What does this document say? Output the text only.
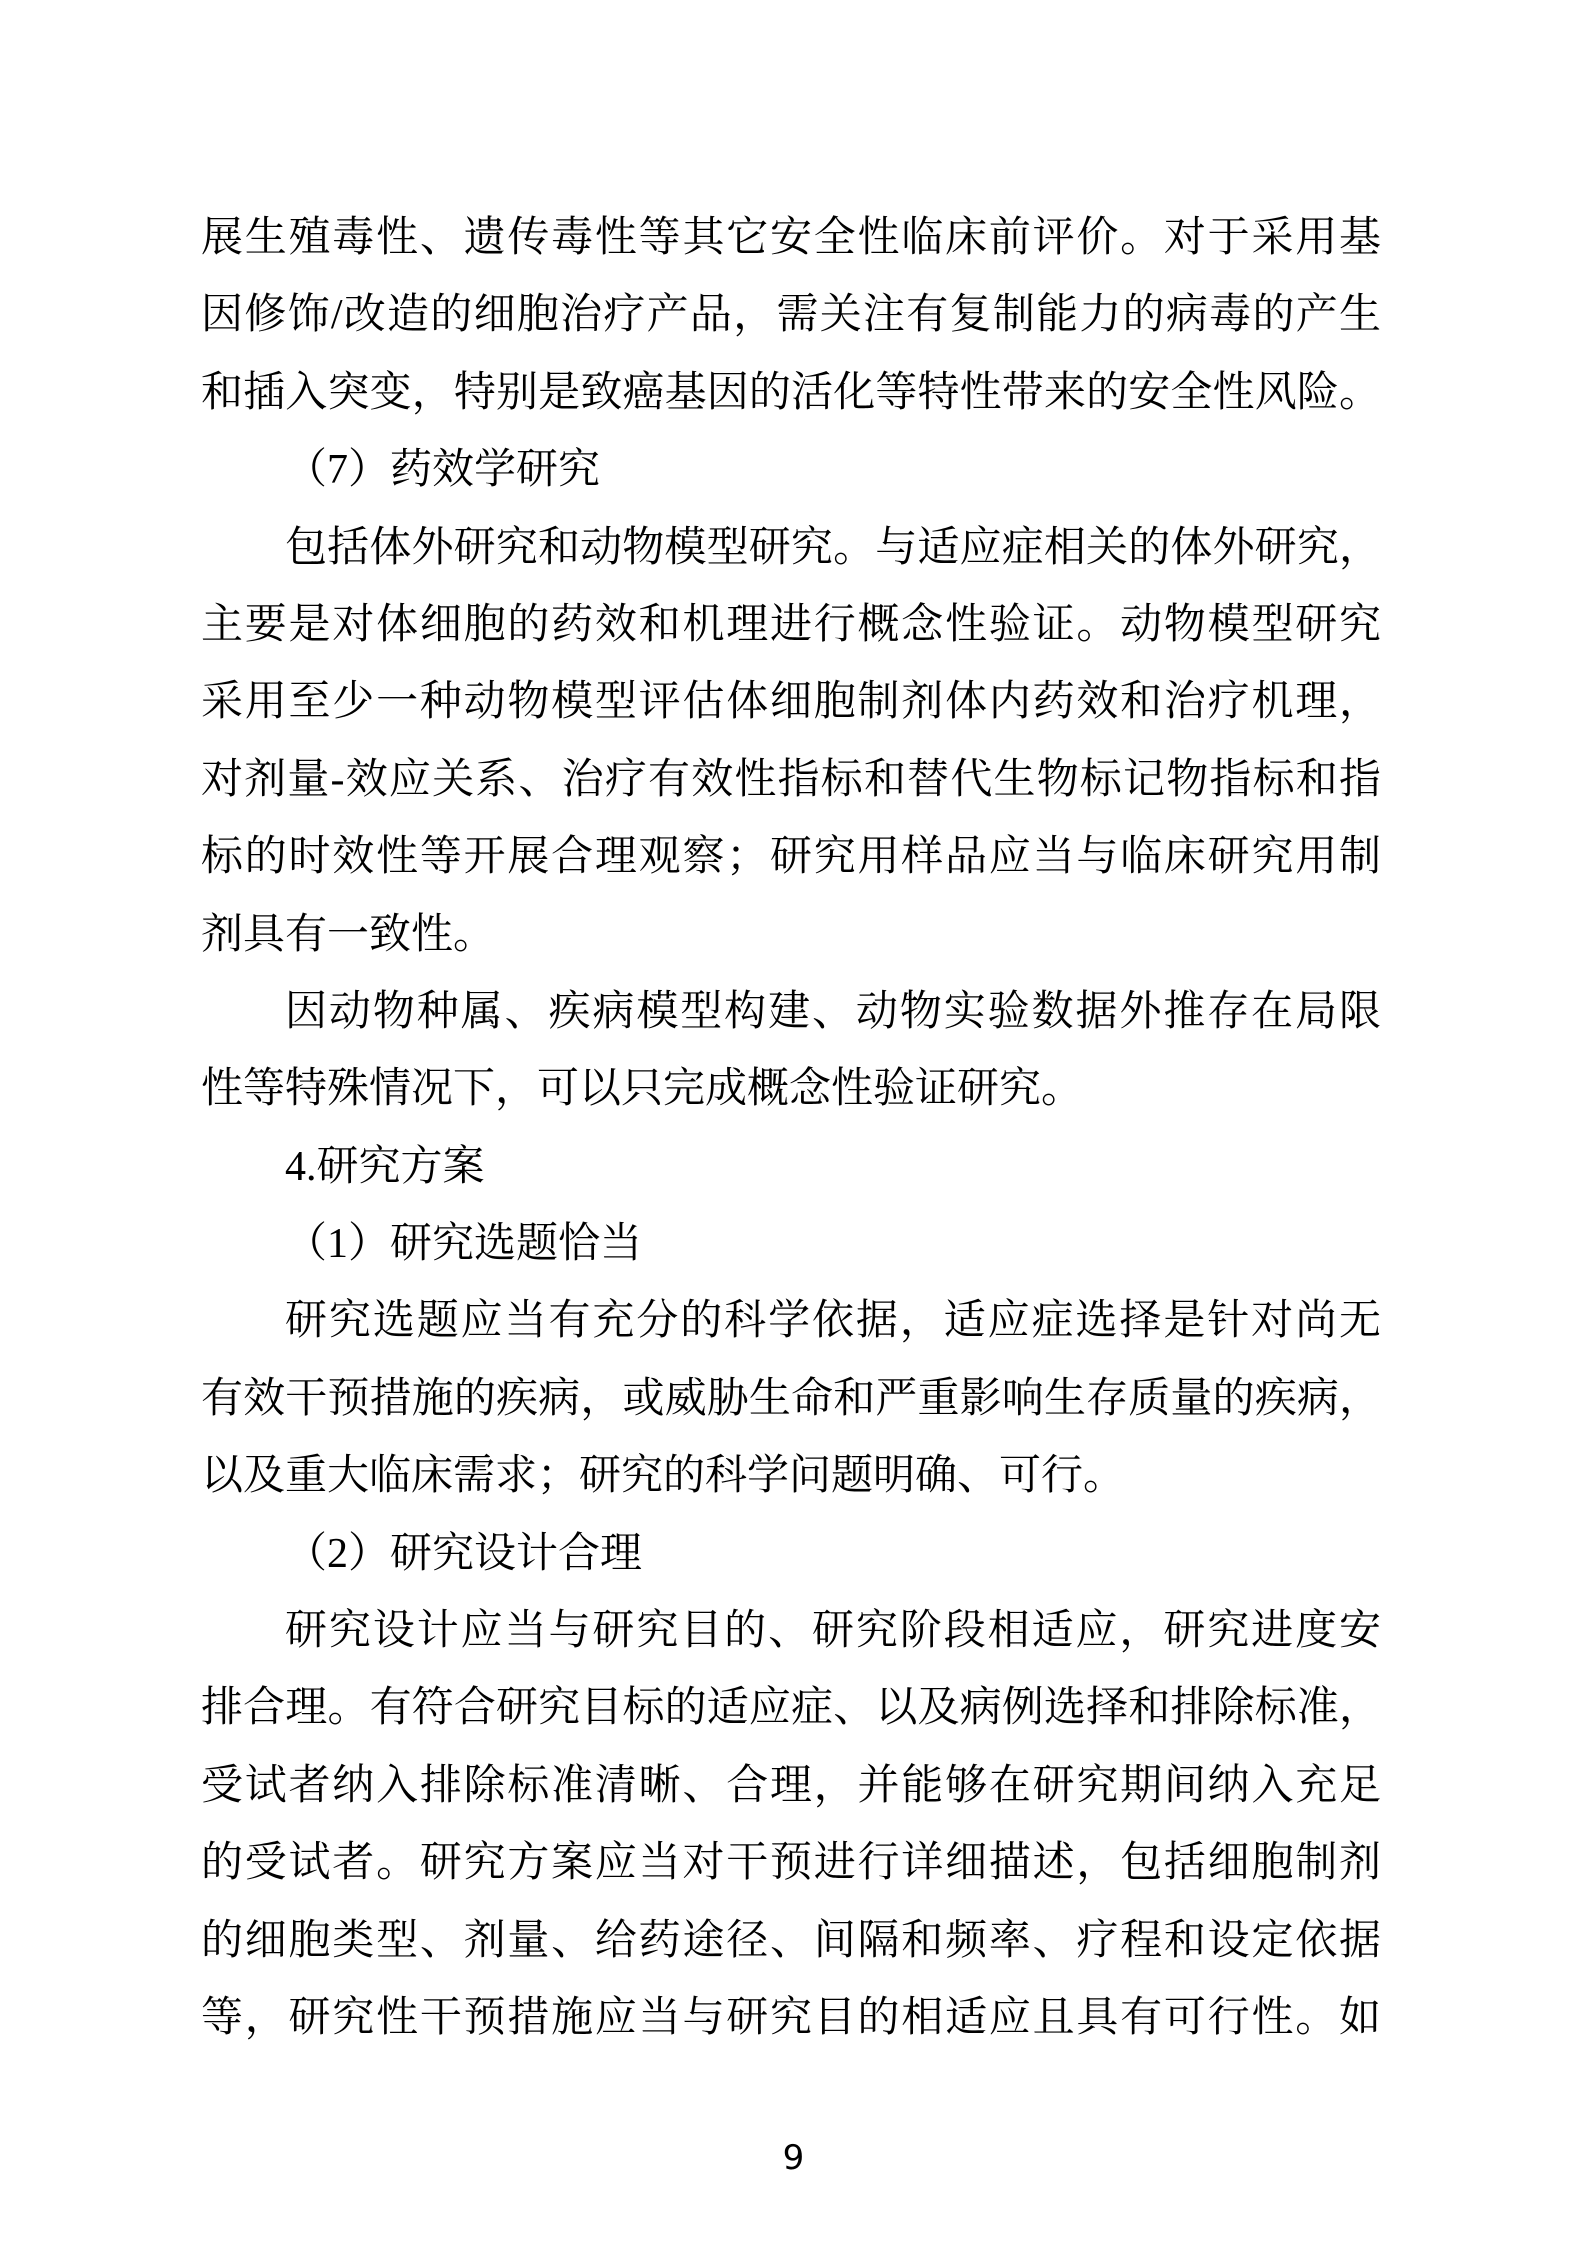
展生殖毒性、遗传毒性等其它安全性临床前评价。对于采用基
因修饰/改造的细胞治疗产品，需关注有复制能力的病毒的产生
和插入突变，特别是致癌基因的活化等特性带来的安全性风险。
（7）药效学研究
包括体外研究和动物模型研究。与适应症相关的体外研究，
主要是对体细胞的药效和机理进行概念性验证。动物模型研究
采用至少一种动物模型评估体细胞制剂体内药效和治疗机理，
对剂量-效应关系、治疗有效性指标和替代生物标记物指标和指
标的时效性等开展合理观察；研究用样品应当与临床研究用制
剂具有一致性。
因动物种属、疾病模型构建、动物实验数据外推存在局限
性等特殊情况下，可以只完成概念性验证研究。
4.研究方案
（1）研究选题恰当
研究选题应当有充分的科学依据，适应症选择是针对尚无
有效干预措施的疾病，或威胁生命和严重影响生存质量的疾病，
以及重大临床需求；研究的科学问题明确、可行。
（2）研究设计合理
研究设计应当与研究目的、研究阶段相适应，研究进度安
排合理。有符合研究目标的适应症、以及病例选择和排除标准，
受试者纳入排除标准清晰、合理，并能够在研究期间纳入充足
的受试者。研究方案应当对干预进行详细描述，包括细胞制剂
的细胞类型、剂量、给药途径、间隔和频率、疗程和设定依据
等，研究性干预措施应当与研究目的相适应且具有可行性。如
9
